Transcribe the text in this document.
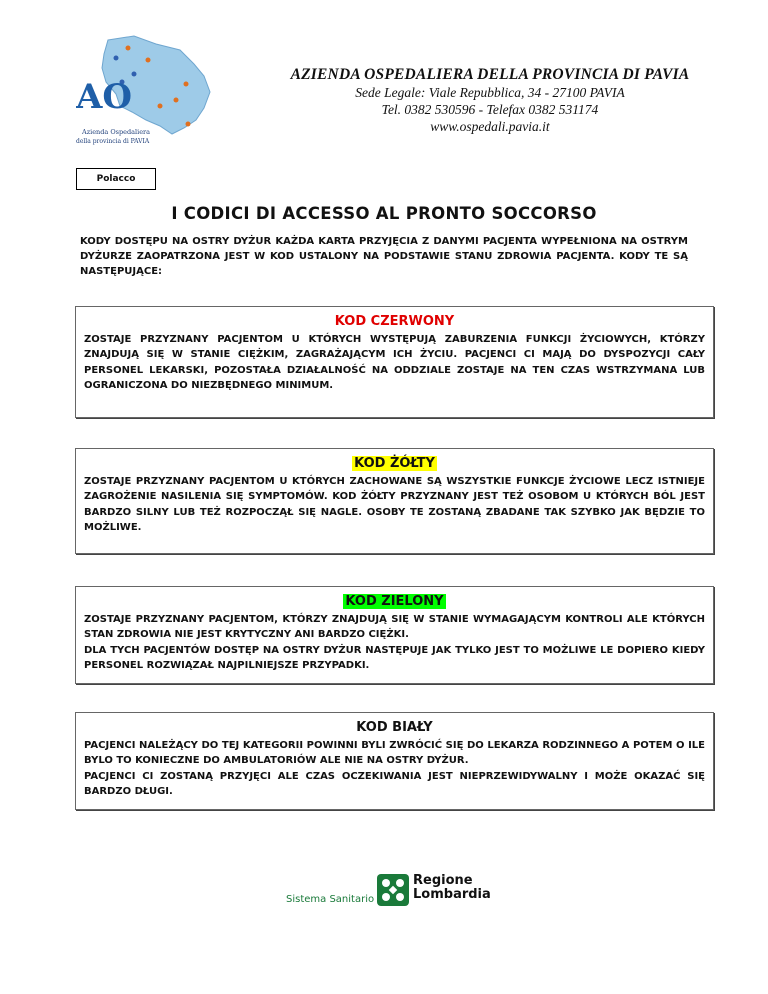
AO
Azienda Ospedaliera
della provincia di PAVIA
AZIENDA OSPEDALIERA DELLA PROVINCIA DI PAVIA
Sede Legale: Viale Repubblica, 34 - 27100 PAVIA
Tel. 0382 530596 - Telefax 0382 531174
www.ospedali.pavia.it
Polacco
I CODICI DI ACCESSO AL PRONTO SOCCORSO
KODY DOSTĘPU NA OSTRY DYŻUR KAŻDA KARTA PRZYJĘCIA Z DANYMI PACJENTA WYPEŁNIONA NA OSTRYM DYŻURZE ZAOPATRZONA JEST W KOD USTALONY NA PODSTAWIE STANU ZDROWIA PACJENTA. KODY TE SĄ NASTĘPUJĄCE:
KOD CZERWONY
ZOSTAJE PRZYZNANY PACJENTOM U KTÓRYCH WYSTĘPUJĄ ZABURZENIA FUNKCJI ŻYCIOWYCH, KTÓRZY ZNAJDUJĄ SIĘ W STANIE CIĘŻKIM, ZAGRAŻAJĄCYM ICH ŻYCIU. PACJENCI CI MAJĄ DO DYSPOZYCJI CAŁY PERSONEL LEKARSKI, POZOSTAŁA DZIAŁALNOŚĆ NA ODDZIALE ZOSTAJE NA TEN CZAS WSTRZYMANA LUB OGRANICZONA DO NIEZBĘDNEGO MINIMUM.
KOD ŻÓŁTY
ZOSTAJE PRZYZNANY PACJENTOM U KTÓRYCH ZACHOWANE SĄ WSZYSTKIE FUNKCJE ŻYCIOWE LECZ ISTNIEJE ZAGROŻENIE NASILENIA SIĘ SYMPTOMÓW. KOD ŻÓŁTY PRZYZNANY JEST TEŻ OSOBOM U KTÓRYCH BÓL JEST BARDZO SILNY LUB TEŻ ROZPOCZĄŁ SIĘ NAGLE. OSOBY TE ZOSTANĄ ZBADANE TAK SZYBKO JAK BĘDZIE TO MOŻLIWE.
KOD ZIELONY
ZOSTAJE PRZYZNANY PACJENTOM, KTÓRZY ZNAJDUJĄ SIĘ W STANIE WYMAGAJĄCYM KONTROLI ALE KTÓRYCH STAN ZDROWIA NIE JEST KRYTYCZNY ANI BARDZO CIĘŻKI.
DLA TYCH PACJENTÓW DOSTĘP NA OSTRY DYŻUR NASTĘPUJE JAK TYLKO JEST TO MOŻLIWE LE DOPIERO KIEDY PERSONEL ROZWIĄZAŁ NAJPILNIEJSZE PRZYPADKI.
KOD BIAŁY
PACJENCI NALEŻĄCY DO TEJ KATEGORII POWINNI BYLI ZWRÓCIĆ SIĘ DO LEKARZA RODZINNEGO A POTEM O ILE BYLO TO KONIECZNE DO AMBULATORIÓW ALE NIE NA OSTRY DYŻUR.
PACJENCI CI ZOSTANĄ PRZYJĘCI ALE CZAS OCZEKIWANIA JEST NIEPRZEWIDYWALNY I MOŻE OKAZAĆ SIĘ BARDZO DŁUGI.
Sistema Sanitario
Regione
Lombardia
